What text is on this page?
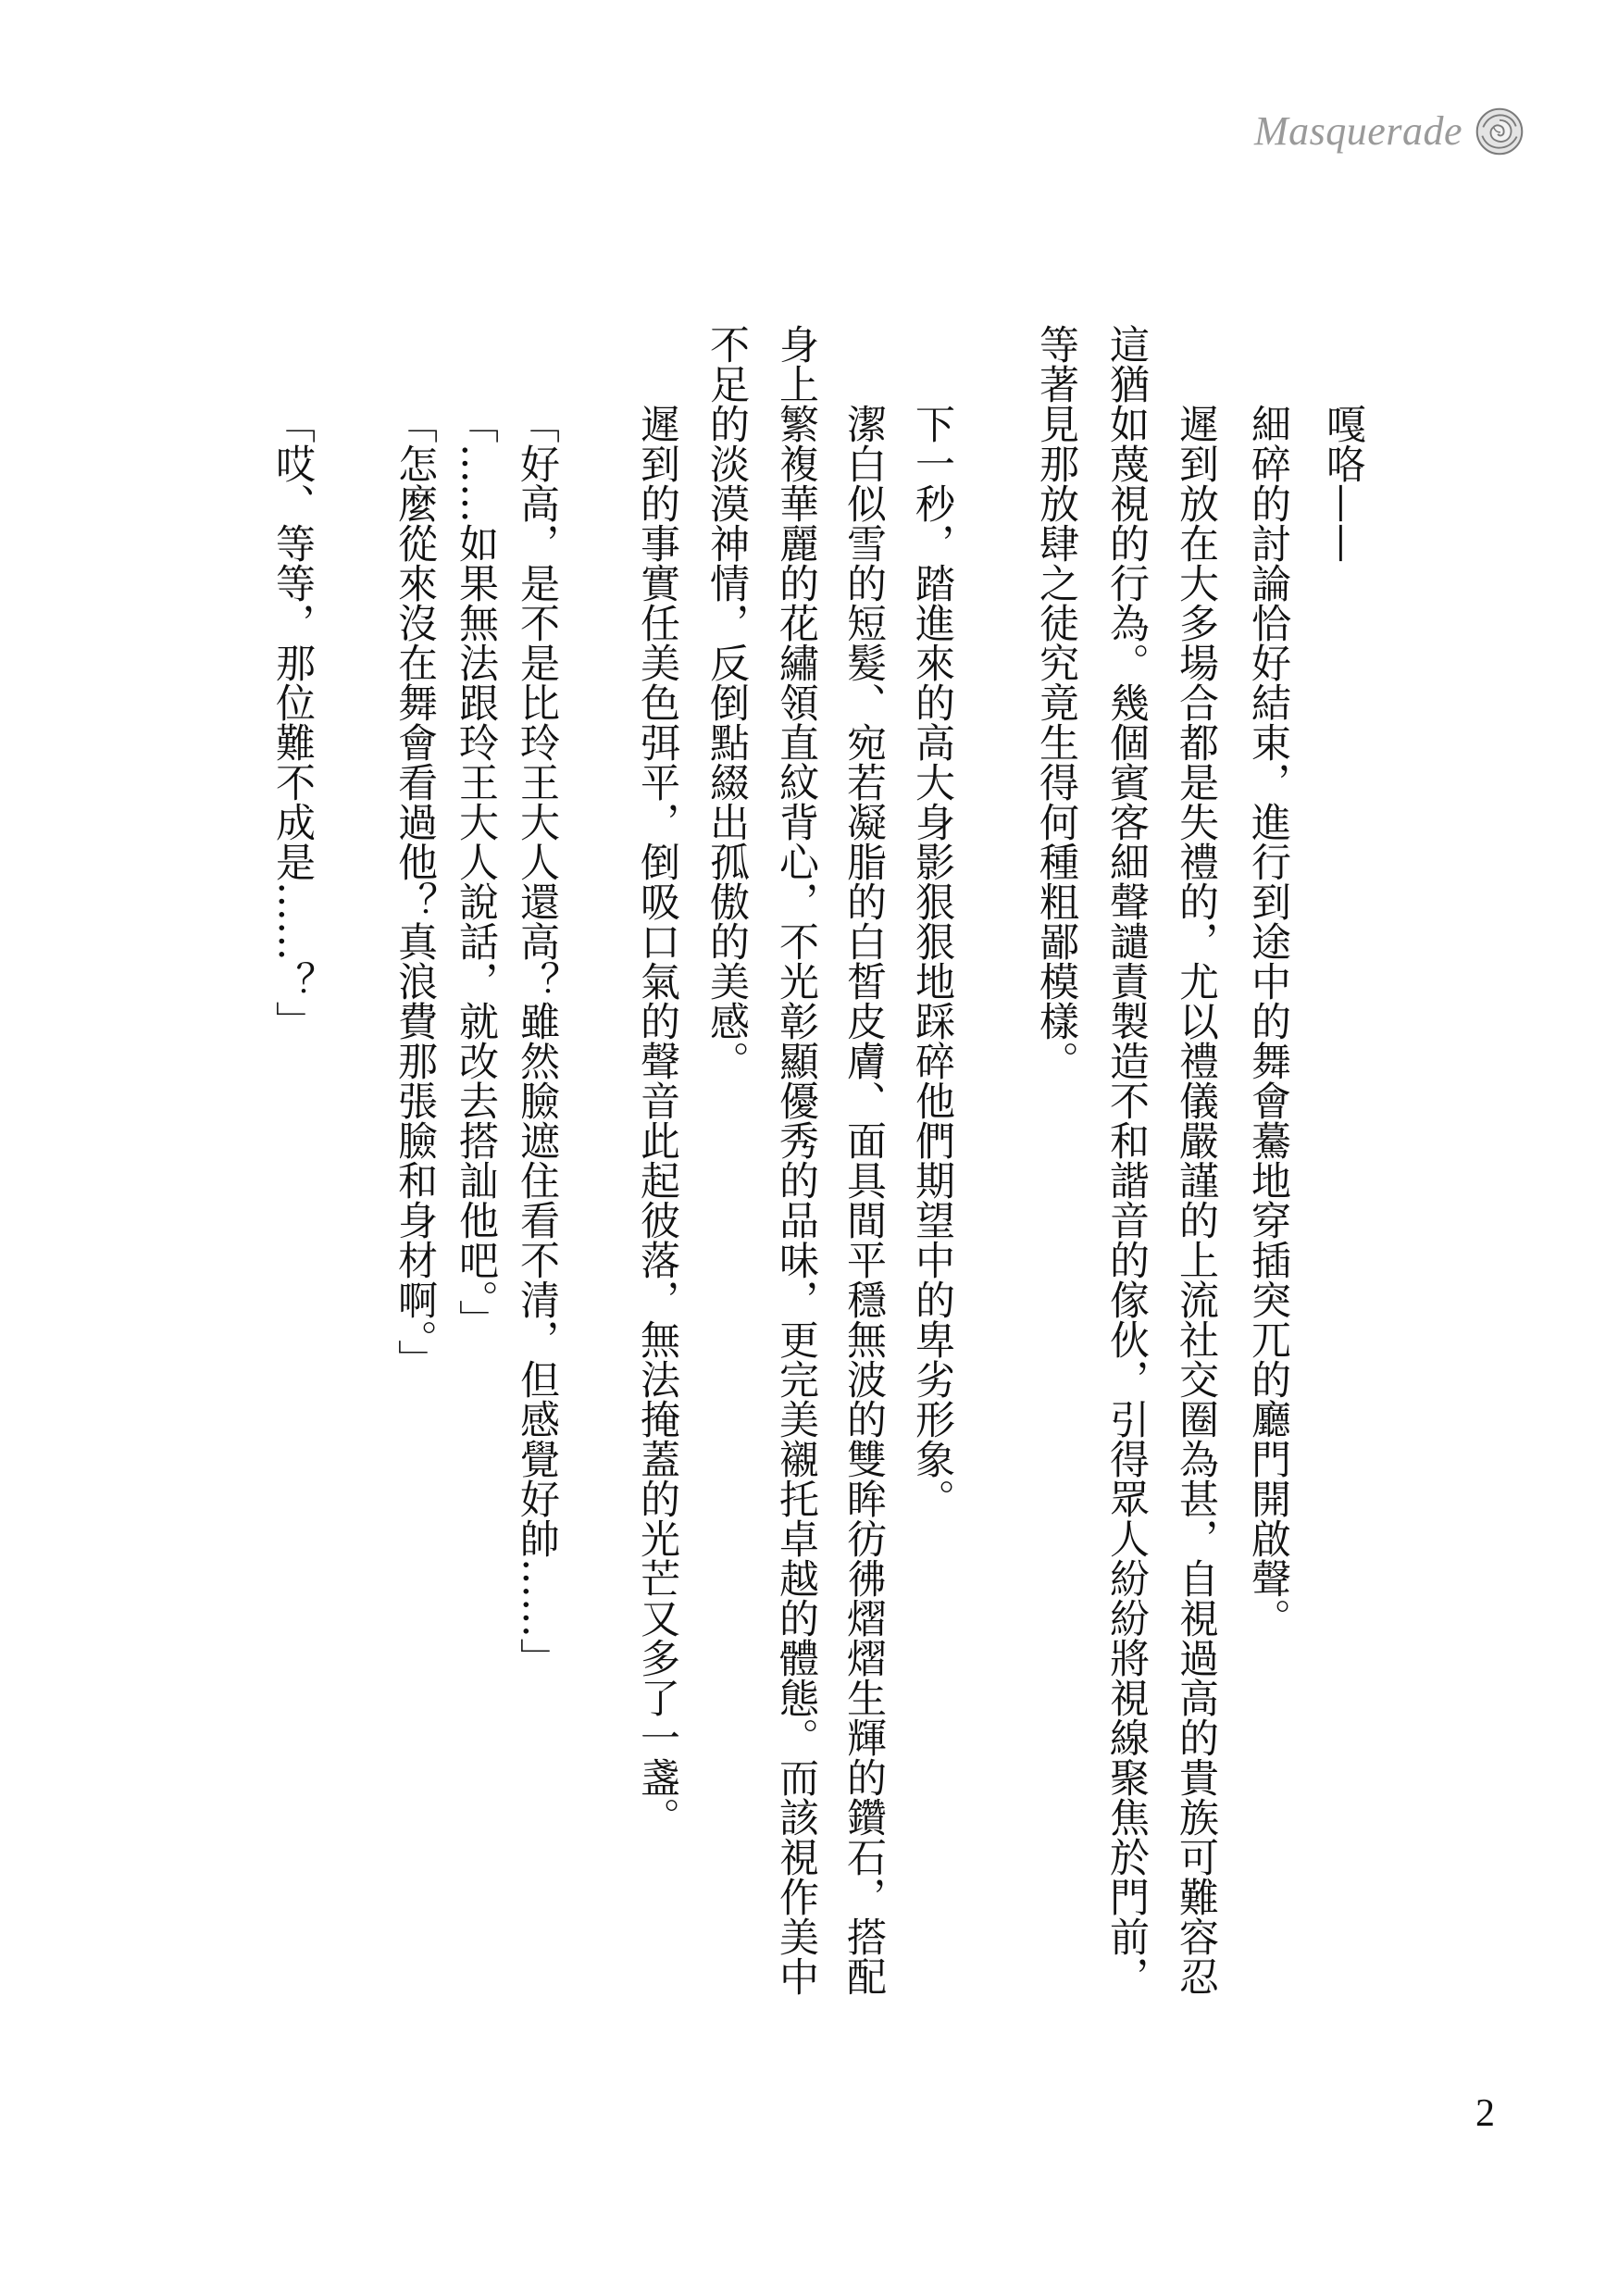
Masquerade
嘎咯——
細碎的討論恰好結束，進行到途中的舞會驀地穿插突兀的廳門開啟聲。
遲到放在大多場合都是失禮的，尤以禮儀嚴謹的上流社交圈為甚，自視過高的貴族可難容忍
這猶如蔑視的行為。幾個賓客細聲譴責製造不和諧音的傢伙，引得眾人紛紛將視線聚焦於門前，
等著見那放肆之徒究竟生得何種粗鄙模樣。
下一秒，踏進來的高大身影狠狠地踩碎他們期望中的卑劣形象。
潔白似雪的短髮、宛若凝脂的白皙皮膚、面具間平穩無波的雙眸彷彿熠熠生輝的鑽石，搭配
身上繁複華麗的花繡領直紋背心，不光彰顯優秀的品味，更完美襯托卓越的體態。而該視作美中
不足的淡漠神情，反倒點綴出孤傲的美感。
遲到的事實任美色弭平，倒吸口氣的聲音此起彼落，無法掩蓋的光芒又多了一盞。
「好高，是不是比玲王大人還高？雖然臉遮住看不清，但感覺好帥……」
「……如果無法跟玲王大人說話，就改去搭訕他吧。」
「怎麼從來沒在舞會看過他？真浪費那張臉和身材啊。」
「哎、等等，那位難不成是……？」
2
